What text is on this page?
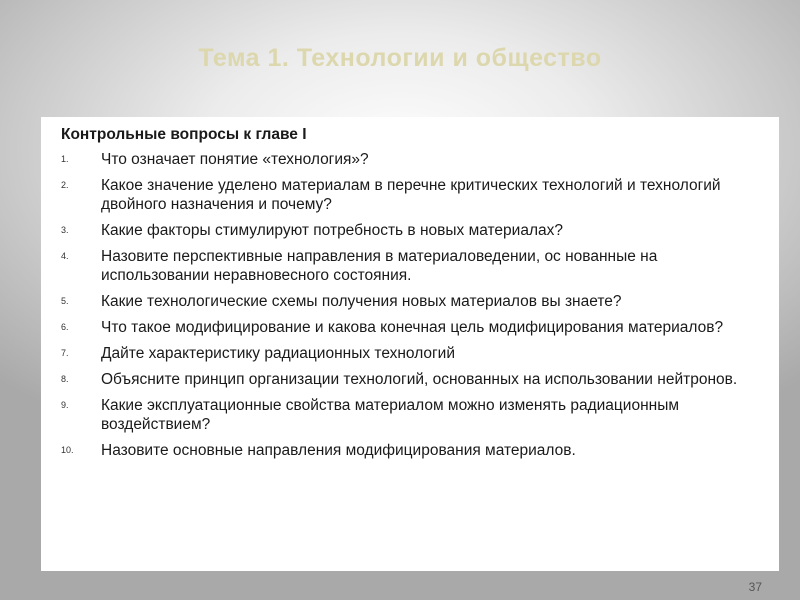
Тема 1. Технологии и общество
Контрольные вопросы к главе I
1.	Что означает понятие «технология»?
2.	Какое значение уделено материалам в перечне критических технологий и технологий двойного назначения и почему?
3.	Какие факторы стимулируют потребность в новых материалах?
4.	Назовите перспективные направления в материаловедении, ос нованные на использовании неравновесного состояния.
5.	Какие технологические схемы получения новых материалов вы знаете?
6.	Что такое модифицирование и какова конечная цель модифицирования материалов?
7.	Дайте характеристику радиационных технологий
8.	Объясните принцип организации технологий, основанных на использовании нейтронов.
9.	Какие эксплуатационные свойства материалом можно изменять радиационным воздействием?
10.	Назовите основные направления модифицирования материалов.
37
